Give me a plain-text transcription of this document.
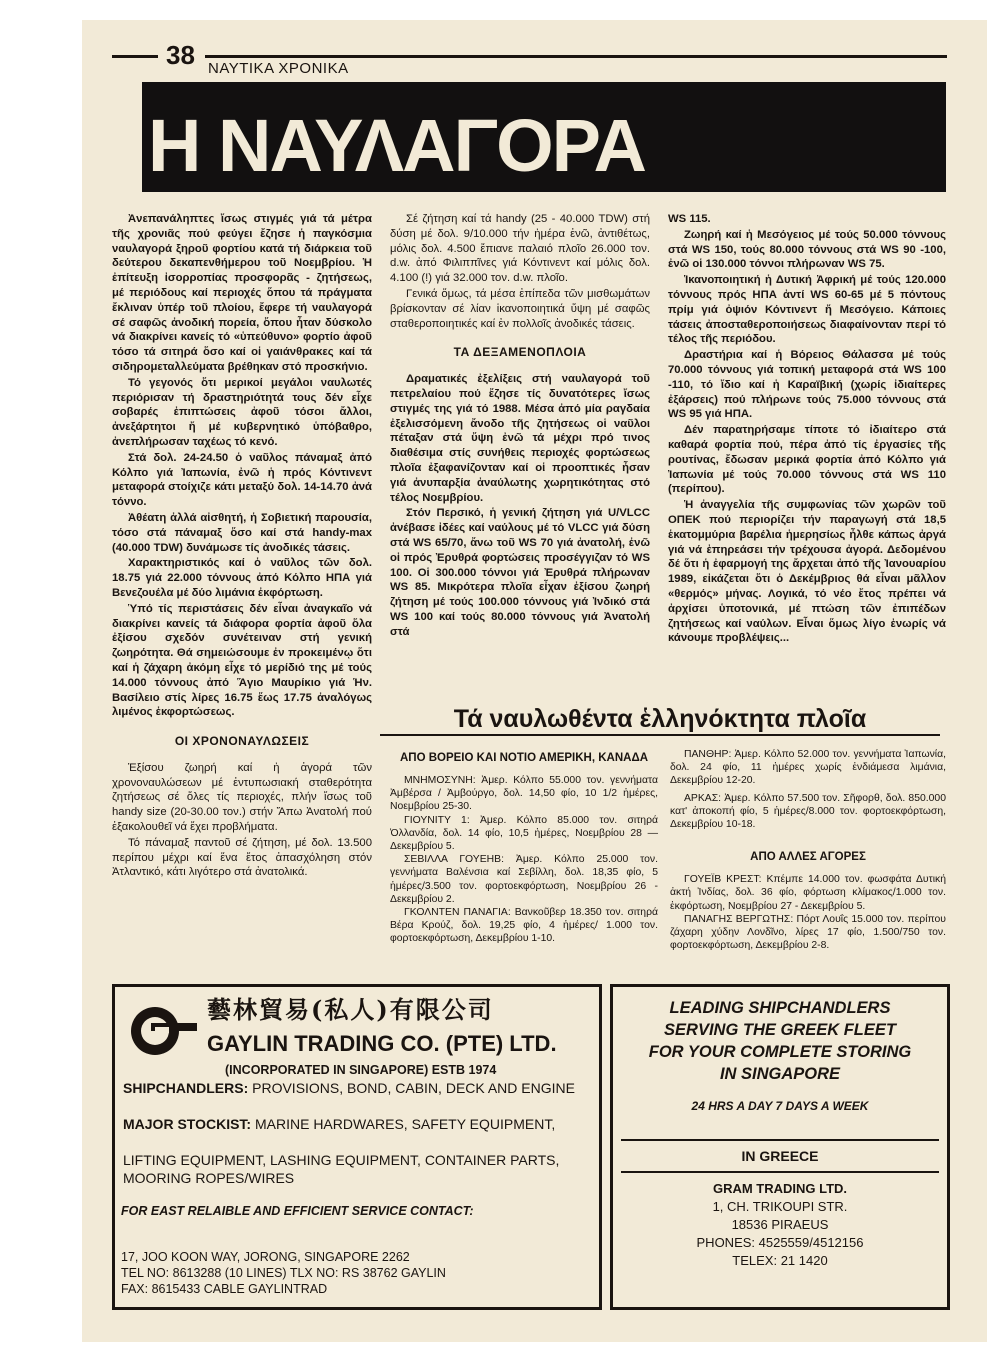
38 ΝΑΥΤΙΚΑ ΧΡΟΝΙΚΑ
Η ΝΑΥΛΑΓΟΡΑ

Ἀνεπανάληπτες ἴσως στιγμές γιά τά μέτρα τῆς χρονιᾶς πού φεύγει ἔζησε ἡ παγκόσμια ναυλαγορά ξηροῦ φορτίου κατά τή διάρκεια τοῦ δεύτερου δεκαπενθήμερου τοῦ Νοεμβρίου. Ἡ ἐπίτευξη ἰσορροπίας προσφορᾶς - ζητήσεως, μέ περιόδους καί περιοχές ὅπου τά πράγματα ἔκλιναν ὑπέρ τοῦ πλοίου, ἔφερε τή ναυλαγορά σέ σαφῶς ἀνοδική πορεία, ὅπου ἦταν δύσκολο νά διακρίνει κανείς τό «ὑπεύθυνο» φορτίο ἀφοῦ τόσο τά σιτηρά ὅσο καί οἱ γαιάνθρακες καί τά σιδηρομεταλλεύματα βρέθηκαν στό προσκήνιο.

Τό γεγονός ὅτι μερικοί μεγάλοι ναυλωτές περιόρισαν τή δραστηριότητά τους δέν εἶχε σοβαρές ἐπιπτώσεις ἀφοῦ τόσοι ἄλλοι, ἀνεξάρτητοι ἤ μέ κυβερνητικό ὑπόβαθρο, ἀνεπλήρωσαν ταχέως τό κενό.

Στά δολ. 24-24.50 ὁ ναῦλος πάναμαξ ἀπό Κόλπο γιά Ἰαπωνία, ἐνῶ ἡ πρός Κόντινεντ μεταφορά στοίχιζε κάτι μεταξύ δολ. 14-14.70 ἀνά τόννο.

Ἀθέατη ἀλλά αἰσθητή, ἡ Σοβιετική παρουσία, τόσο στά πάναμαξ ὅσο καί στά handy-max (40.000 TDW) δυνάμωσε τίς ἀνοδικές τάσεις.

Χαρακτηριστικός καί ὁ ναῦλος τῶν δολ. 18.75 γιά 22.000 τόννους ἀπό Κόλπο ΗΠΑ γιά Βενεζουέλα μέ δύο λιμάνια ἐκφόρτωση.

Ὑπό τίς περιστάσεις δέν εἶναι ἀναγκαῖο νά διακρίνει κανείς τά διάφορα φορτία ἀφοῦ ὅλα ἐξίσου σχεδόν συνέτειναν στή γενική ζωηρότητα. Θά σημειώσουμε ἐν προκειμένῳ ὅτι καί ἡ ζάχαρη ἀκόμη εἶχε τό μερίδιό της μέ τούς 14.000 τόννους ἀπό Ἅγιο Μαυρίκιο γιά Ἡν. Βασίλειο στίς λίρες 16.75 ἕως 17.75 ἀναλόγως λιμένος ἐκφορτώσεως.

ΟΙ ΧΡΟΝΟΝΑΥΛΩΣΕΙΣ

Ἐξίσου ζωηρή καί ἡ ἀγορά τῶν χρονοναυλώσεων μέ ἐντυπωσιακή σταθερότητα ζητήσεως σέ ὅλες τίς περιοχές, πλήν ἴσως τοῦ handy size (20-30.00 τον.) στήν Ἄπω Ἀνατολή πού ἐξακολουθεῖ νά ἔχει προβλήματα.

Τό πάναμαξ παντοῦ σέ ζήτηση, μέ δολ. 13.500 περίπου μέχρι καί ἕνα ἔτος ἀπασχόληση στόν Ἀτλαντικό, κάτι λιγότερο στά ἀνατολικά.

Σέ ζήτηση καί τά handy (25 - 40.000 TDW) στή δύση μέ δολ. 9/10.000 τήν ἡμέρα ἐνῶ, ἀντιθέτως, μόλις δολ. 4.500 ἔπιανε παλαιό πλοῖο 26.000 τον. d.w. ἀπό Φιλιππῖνες γιά Κόντινεντ καί μόλις δολ. 4.100 (!) γιά 32.000 τον. d.w. πλοῖο.

Γενικά ὅμως, τά μέσα ἐπίπεδα τῶν μισθωμάτων βρίσκονταν σέ λίαν ἱκανοποιητικά ὕψη μέ σαφῶς σταθεροποιητικές καί ἐν πολλοῖς ἀνοδικές τάσεις.

ΤΑ ΔΕΞΑΜΕΝΟΠΛΟΙΑ

Δραματικές ἐξελίξεις στή ναυλαγορά τοῦ πετρελαίου πού ἔζησε τίς δυνατότερες ἴσως στιγμές της γιά τό 1988. Μέσα ἀπό μία ραγδαία ἐξελισσόμενη ἄνοδο τῆς ζητήσεως οἱ ναῦλοι πέταξαν στά ὕψη ἐνῶ τά μέχρι πρό τινος διαθέσιμα στίς συνήθεις περιοχές φορτώσεως πλοῖα ἐξαφανίζονταν καί οἱ προοπτικές ἦσαν γιά ἀνυπαρξία ἀναύλωτης χωρητικότητας στό τέλος Νοεμβρίου.

Στόν Περσικό, ἡ γενική ζήτηση γιά U/VLCC ἀνέβασε ἰδέες καί ναύλους μέ τό VLCC γιά δύση στά WS 65/70, ἄνω τοῦ WS 70 γιά ἀνατολή, ἐνῶ οἱ πρός Ἐρυθρά φορτώσεις προσέγγιζαν τό WS 100. Οἱ 300.000 τόννοι γιά Ἐρυθρά πλήρωναν WS 85. Μικρότερα πλοῖα εἶχαν ἐξίσου ζωηρή ζήτηση μέ τούς 100.000 τόννους γιά Ἰνδικό στά WS 100 καί τούς 80.000 τόννους γιά Ἀνατολή στά

WS 115.

Ζωηρή καί ἡ Μεσόγειος μέ τούς 50.000 τόννους στά WS 150, τούς 80.000 τόννους στά WS 90 -100, ἐνῶ οἱ 130.000 τόννοι πλήρωναν WS 75.

Ἱκανοποιητική ἡ Δυτική Ἀφρική μέ τούς 120.000 τόννους πρός ΗΠΑ ἀντί WS 60-65 μέ 5 πόντους πρίμ γιά ὀψιόν Κόντινεντ ἤ Μεσόγειο. Κάποιες τάσεις ἀποσταθεροποιήσεως διαφαίνονταν περί τό τέλος τῆς περιόδου.

Δραστήρια καί ἡ Βόρειος Θάλασσα μέ τούς 70.000 τόννους γιά τοπική μεταφορά στά WS 100 -110, τό ἴδιο καί ἡ Καραϊβική (χωρίς ἰδιαίτερες ἐξάρσεις) πού πλήρωνε τούς 75.000 τόννους στά WS 95 γιά ΗΠΑ.

Δέν παρατηρήσαμε τίποτε τό ἰδιαίτερο στά καθαρά φορτία πού, πέρα ἀπό τίς ἐργασίες τῆς ρουτίνας, ἔδωσαν μερικά φορτία ἀπό Κόλπο γιά Ἰαπωνία μέ τούς 70.000 τόννους στά WS 110 (περίπου).

Ἡ ἀναγγελία τῆς συμφωνίας τῶν χωρῶν τοῦ ΟΠΕΚ πού περιορίζει τήν παραγωγή στά 18,5 ἑκατομμύρια βαρέλια ἡμερησίως ἦλθε κάπως ἀργά γιά νά ἐπηρεάσει τήν τρέχουσα ἀγορά. Δεδομένου δέ ὅτι ἡ ἐφαρμογή της ἄρχεται ἀπό τῆς Ἰανουαρίου 1989, εἰκάζεται ὅτι ὁ Δεκέμβριος θά εἶναι μᾶλλον «θερμός» μήνας. Λογικά, τό νέο ἔτος πρέπει νά ἀρχίσει ὑποτονικά, μέ πτώση τῶν ἐπιπέδων ζητήσεως καί ναύλων. Εἶναι ὅμως λίγο ἐνωρίς νά κάνουμε προβλέψεις...

Τά ναυλωθέντα ἑλληνόκτητα πλοῖα
ΑΠΟ ΒΟΡΕΙΟ ΚΑΙ ΝΟΤΙΟ ΑΜΕΡΙΚΗ, ΚΑΝΑΔΑ

ΜΝΗΜΟΣΥΝΗ: Ἀμερ. Κόλπο 55.000 τον. γεννήματα Ἀμβέρσα / Ἀμβούργο, δολ. 14,50 φίο, 10 1/2 ἡμέρες, Νοεμβρίου 25-30.

ΓΙΟΥΝΙΤΥ 1: Ἀμερ. Κόλπο 85.000 τον. σιτηρά Ὁλλανδία, δολ. 14 φίο, 10,5 ἡμέρες, Νοεμβρίου 28 — Δεκεμβρίου 5.

ΣΕΒΙΛΛΑ ΓΟΥΕΗΒ: Ἀμερ. Κόλπο 25.000 τον. γεννήματα Βαλένσια καί Σεβίλλη, δολ. 18,35 φίο, 5 ἡμέρες/3.500 τον. φορτοεκφόρτωση, Νοεμβρίου 26 - Δεκεμβρίου 2.

ΓΚΟΛΝΤΕΝ ΠΑΝΑΓΙΑ: Βανκοῦβερ 18.350 τον. σιτηρά Βέρα Κρούζ, δολ. 19,25 φίο, 4 ἡμέρες/ 1.000 τον. φορτοεκφόρτωση, Δεκεμβρίου 1-10.

ΠΑΝΘΗΡ: Ἀμερ. Κόλπο 52.000 τον. γεννήματα Ἰαπωνία, δολ. 24 φίο, 11 ἡμέρες χωρίς ἐνδιάμεσα λιμάνια, Δεκεμβρίου 12-20.

ΑΡΚΑΣ: Ἀμερ. Κόλπο 57.500 τον. Σῆφορθ, δολ. 850.000 κατ' ἀποκοπή φίο, 5 ἡμέρες/8.000 τον. φορτοεκφόρτωση, Δεκεμβρίου 10-18.

ΑΠΟ ΑΛΛΕΣ ΑΓΟΡΕΣ

ΓΟΥΕΪΒ ΚΡΕΣΤ: Κπέμπε 14.000 τον. φωσφάτα Δυτική ἀκτή Ἰνδίας, δολ. 36 φίο, φόρτωση κλίμακος/1.000 τον. ἐκφόρτωση, Νοεμβρίου 27 - Δεκεμβρίου 5.

ΠΑΝΑΓΗΣ ΒΕΡΓΩΤΗΣ: Πόρτ Λουΐς 15.000 τον. περίπου ζάχαρη χύδην Λονδῖνο, λίρες 17 φίο, 1.500/750 τον. φορτοεκφόρτωση, Δεκεμβρίου 2-8.

藝林貿易(私人)有限公司
GAYLIN TRADING CO. (PTE) LTD.
(INCORPORATED IN SINGAPORE) ESTB 1974
SHIPCHANDLERS: PROVISIONS, BOND, CABIN, DECK AND ENGINE
MAJOR STOCKIST: MARINE HARDWARES, SAFETY EQUIPMENT,
LIFTING EQUIPMENT, LASHING EQUIPMENT, CONTAINER PARTS, MOORING ROPES/WIRES
FOR EAST RELAIBLE AND EFFICIENT SERVICE CONTACT:
17, JOO KOON WAY, JORONG, SINGAPORE 2262
TEL NO: 8613288 (10 LINES) TLX NO: RS 38762 GAYLIN
FAX: 8615433 CABLE GAYLINTRAD
LEADING SHIPCHANDLERS
SERVING THE GREEK FLEET
FOR YOUR COMPLETE STORING
IN SINGAPORE
24 HRS A DAY 7 DAYS A WEEK
IN GREECE
GRAM TRADING LTD.
1, CH. TRIKOUPI STR.
18536 PIRAEUS
PHONES: 4525559/4512156
TELEX: 21 1420
